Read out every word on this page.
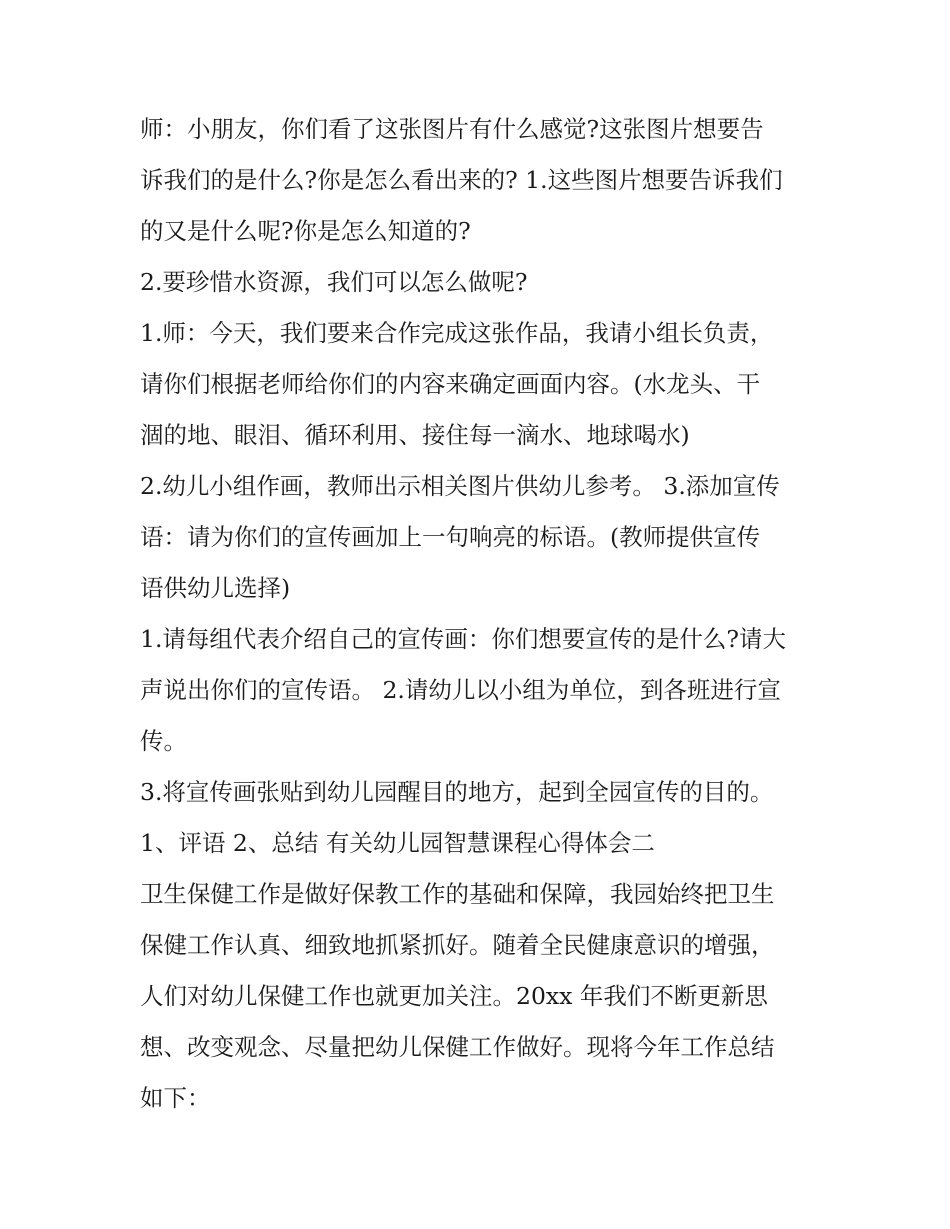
师：小朋友，你们看了这张图片有什么感觉?这张图片想要告
诉我们的是什么?你是怎么看出来的? 1.这些图片想要告诉我们
的又是什么呢?你是怎么知道的?
2.要珍惜水资源，我们可以怎么做呢?
1.师：今天，我们要来合作完成这张作品，我请小组长负责，
请你们根据老师给你们的内容来确定画面内容。(水龙头、干
涸的地、眼泪、循环利用、接住每一滴水、地球喝水)
2.幼儿小组作画，教师出示相关图片供幼儿参考。 3.添加宣传
语：请为你们的宣传画加上一句响亮的标语。(教师提供宣传
语供幼儿选择)
1.请每组代表介绍自己的宣传画：你们想要宣传的是什么?请大
声说出你们的宣传语。 2.请幼儿以小组为单位，到各班进行宣
传。
3.将宣传画张贴到幼儿园醒目的地方，起到全园宣传的目的。
1、评语 2、总结 有关幼儿园智慧课程心得体会二
卫生保健工作是做好保教工作的基础和保障，我园始终把卫生
保健工作认真、细致地抓紧抓好。随着全民健康意识的增强，
人们对幼儿保健工作也就更加关注。20xx 年我们不断更新思
想、改变观念、尽量把幼儿保健工作做好。现将今年工作总结
如下：
